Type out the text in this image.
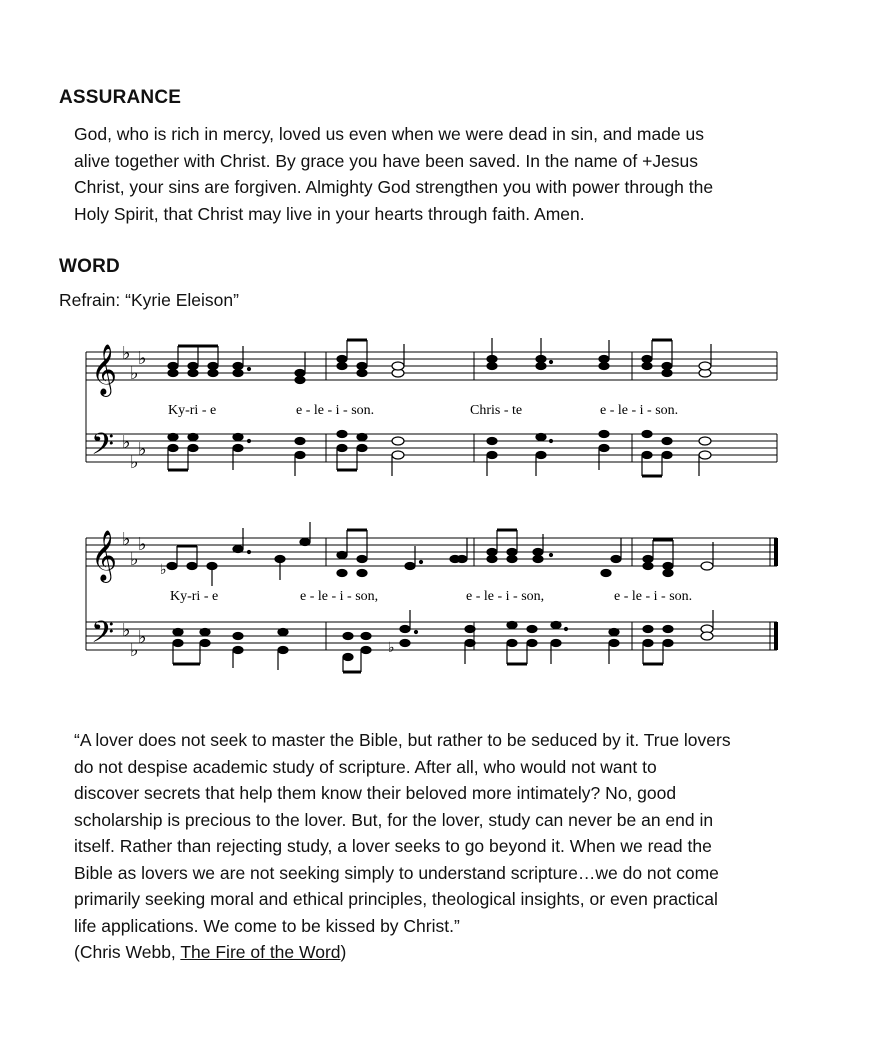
ASSURANCE

God, who is rich in mercy, loved us even when we were dead in sin, and made us
alive together with Christ. By grace you have been saved. In the name of +Jesus
Christ, your sins are forgiven. Almighty God strengthen you with power through the
Holy Spirit, that Christ may live in your hearts through faith. Amen.

WORD
Refrain: “Kyrie Eleison”
𝄞
𝄢
♭
♭
♭
♭
♭
♭
Ky-ri - e	e - le - i - son.	Chris - te	e - le - i - son.
𝄞
𝄢
♭
♭
♭
♭
♭
♭
♭
♭
Ky-ri - e	e - le - i - son,	e - le - i - son,	e - le - i - son.

“A lover does not seek to master the Bible, but rather to be seduced by it. True lovers
do not despise academic study of scripture. After all, who would not want to
discover secrets that help them know their beloved more intimately? No, good
scholarship is precious to the lover. But, for the lover, study can never be an end in
itself. Rather than rejecting study, a lover seeks to go beyond it. When we read the
Bible as lovers we are not seeking simply to understand scripture…we do not come
primarily seeking moral and ethical principles, theological insights, or even practical
life applications. We come to be kissed by Christ.”
(Chris Webb, The Fire of the Word)
